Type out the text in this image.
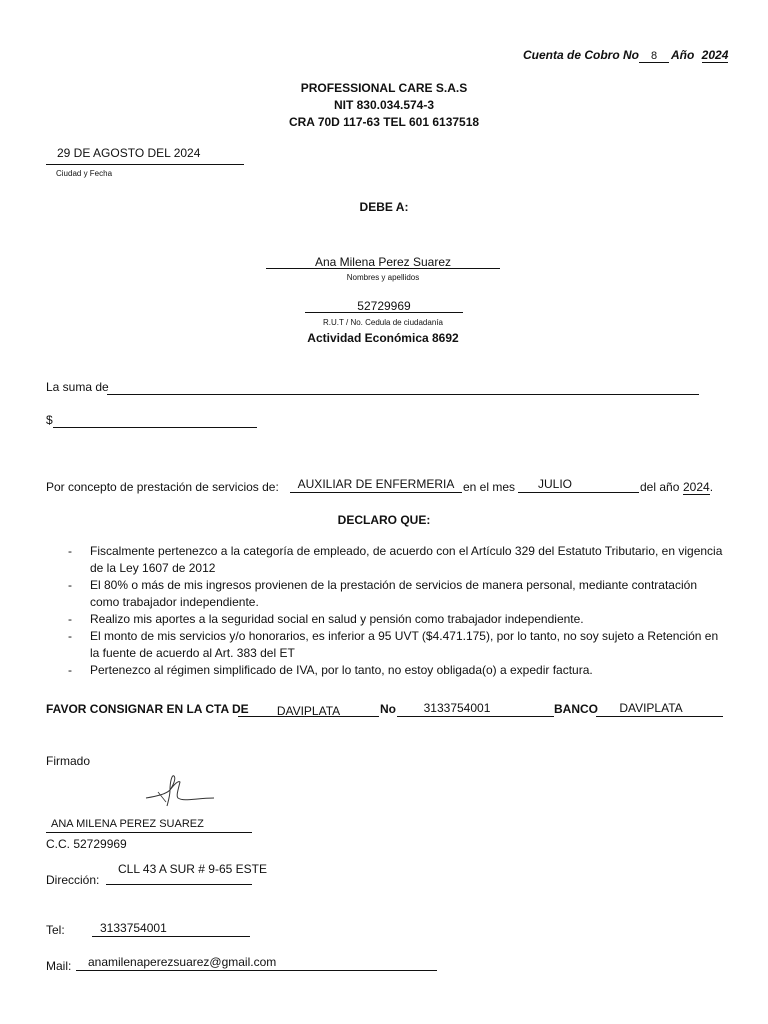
Cuenta de Cobro No 8 Año 2024
PROFESSIONAL CARE S.A.S
NIT 830.034.574-3
CRA 70D 117-63 TEL 601 6137518
29 DE AGOSTO DEL 2024
Ciudad y Fecha
DEBE A:
Ana Milena Perez Suarez
Nombres y apellidos
52729969
R.U.T / No. Cedula de ciudadanía
Actividad Económica 8692
La suma de
$
Por concepto de prestación de servicios de:	AUXILIAR DE ENFERMERIA en el mes	JULIO	del año 2024.
DECLARO QUE:
- Fiscalmente pertenezco a la categoría de empleado, de acuerdo con el Artículo 329 del Estatuto Tributario, en vigencia de la Ley 1607 de 2012
- El 80% o más de mis ingresos provienen de la prestación de servicios de manera personal, mediante contratación como trabajador independiente.
- Realizo mis aportes a la seguridad social en salud y pensión como trabajador independiente.
- El monto de mis servicios y/o honorarios, es inferior a 95 UVT ($4.471.175), por lo tanto, no soy sujeto a Retención en la fuente de acuerdo al Art. 383 del ET
- Pertenezco al régimen simplificado de IVA, por lo tanto, no estoy obligada(o) a expedir factura.
FAVOR CONSIGNAR EN LA CTA DE	DAVIPLATA	No	3133754001	BANCO	DAVIPLATA
Firmado
ANA MILENA PEREZ SUAREZ
C.C. 52729969
Dirección:
CLL 43 A SUR # 9-65 ESTE
Tel:	3133754001
Mail: anamilenaperezsuarez@gmail.com
